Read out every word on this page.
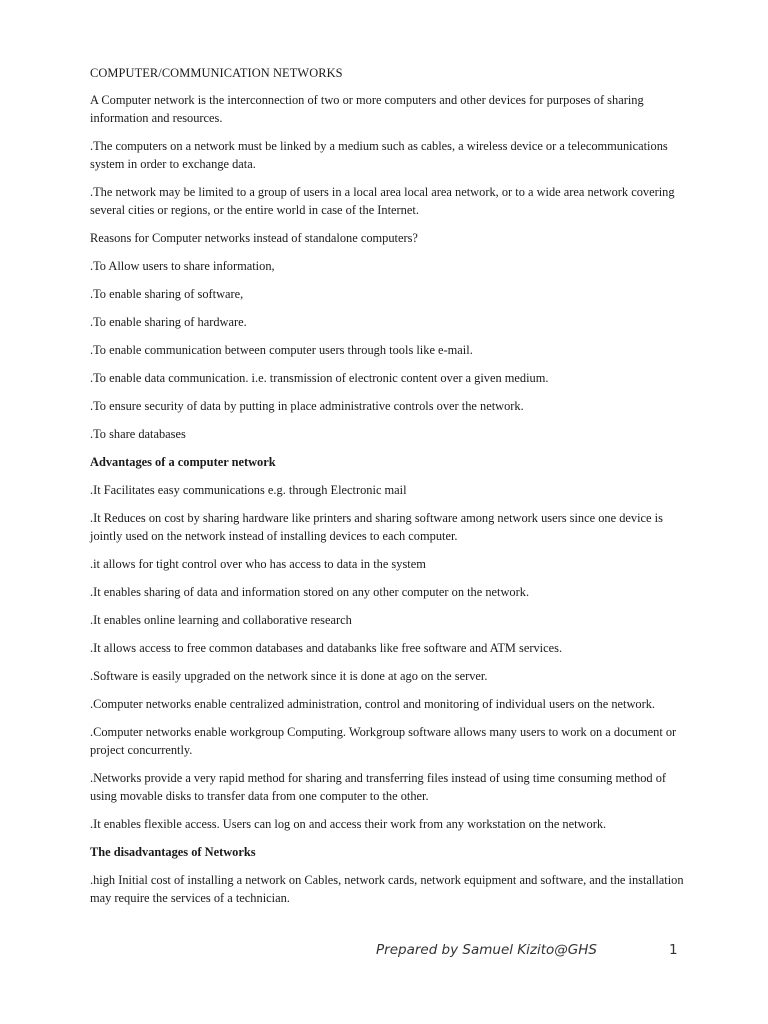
COMPUTER/COMMUNICATION NETWORKS

A Computer network is the interconnection of two or more computers and other devices for purposes of sharing information and resources.

.The computers on a network must be linked by a medium such as cables, a wireless device or a telecommunications system in order to exchange data.

.The network may be limited to a group of users in a local area local area network, or to a wide area network covering several cities or regions, or the entire world in case of the Internet.

Reasons for Computer networks instead of standalone computers?

.To Allow users to share information,

.To enable sharing of software,

.To enable sharing of hardware.

.To enable communication between computer users through tools like e-mail.

.To enable data communication. i.e. transmission of electronic content over a given medium.

.To ensure security of data by putting in place administrative controls over the network.

.To share databases

Advantages of a computer network

.It Facilitates easy communications e.g. through Electronic mail

.It Reduces on cost by sharing hardware like printers and sharing software among network users since one device is jointly used on the network instead of installing devices to each computer.

.it allows for tight control over who has access to data in the system

.It enables sharing of data and information stored on any other computer on the network.

.It enables online learning and collaborative research

.It allows access to free common databases and databanks like free software and ATM services.

.Software is easily upgraded on the network since it is done at ago on the server.

.Computer networks enable centralized administration, control and monitoring of individual users on the network.

.Computer networks enable workgroup Computing. Workgroup software allows many users to work on a document or project concurrently.

.Networks provide a very rapid method for sharing and transferring files instead of using time consuming method of using movable disks to transfer data from one computer to the other.

.It enables flexible access. Users can log on and access their work from any workstation on the network.

The disadvantages of Networks

.high Initial cost of installing a network on Cables, network cards, network equipment and software, and the installation may require the services of a technician.

Prepared by Samuel Kizito@GHS	1
